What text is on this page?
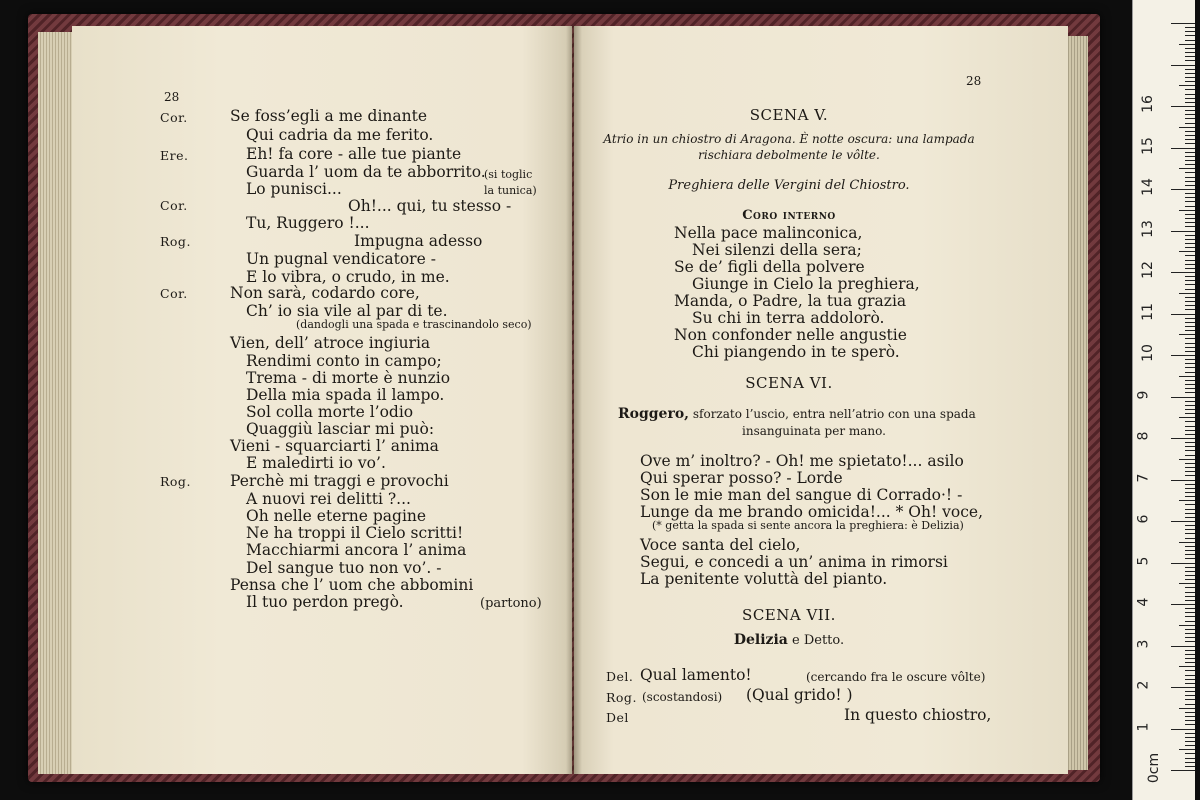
28
Se foss’egli a me dinante
Qui cadria da me ferito.
Eh! fa core - alle tue piante
Guarda l’ uom da te abborrito.
Lo punisci...
Oh!... qui, tu stesso -
Tu, Ruggero !...
Impugna adesso
Un pugnal vendicatore -
E lo vibra, o crudo, in me.
Non sarà, codardo core,
Ch’ io sia vile al par di te.
Vien, dell’ atroce ingiuria
Rendimi conto in campo;
Trema - di morte è nunzio
Della mia spada il lampo.
Sol colla morte l’odio
Quaggiù lasciar mi può:
Vieni - squarciarti l’ anima
E maledirti io vo’.
Perchè mi traggi e provochi
A nuovi rei delitti ?...
Oh nelle eterne pagine
Ne ha troppi il Cielo scritti!
Macchiarmi ancora l’ anima
Del sangue tuo non vo’. -
Pensa che l’ uom che abbomini
Il tuo perdon pregò.
Cor.
Ere.
Cor.
Rog.
Cor.
Rog.
(si toglic
la tunica)
(dandogli una spada e trascinandolo seco)
(partono)
28
SCENA V.
Atrio in un chiostro di Aragona. È notte oscura: una lampada
rischiara debolmente le vôlte.
Preghiera delle Vergini del Chiostro.
Coro interno
SCENA VI.
Roggero, sforzato l’uscio, entra nell’atrio con una spada
insanguinata per mano.
(* getta la spada si sente ancora la preghiera: è Delizia)
SCENA VII.
Delizia e Detto.
Del. Qual lamento!	(cercando fra le oscure vôlte)
Rog. (scostandosi) (Qual grido! )
Del	In questo chiostro,
Nella pace malinconica,
Nei silenzi della sera;
Se de’ figli della polvere
Giunge in Cielo la preghiera,
Manda, o Padre, la tua grazia
Su chi in terra addolorò.
Non confonder nelle angustie
Chi piangendo in te sperò.
Ove m’ inoltro? - Oh! me spietato!... asilo
Qui sperar posso? - Lorde
Son le mie man del sangue di Corrado·! -
Lunge da me brando omicida!... * Oh! voce,
Voce santa del cielo,
Segui, e concedi a un’ anima in rimorsi
La penitente voluttà del pianto.
0cm
1
2
3
4
5
6
7
8
9
10
11
12
13
14
15
16
